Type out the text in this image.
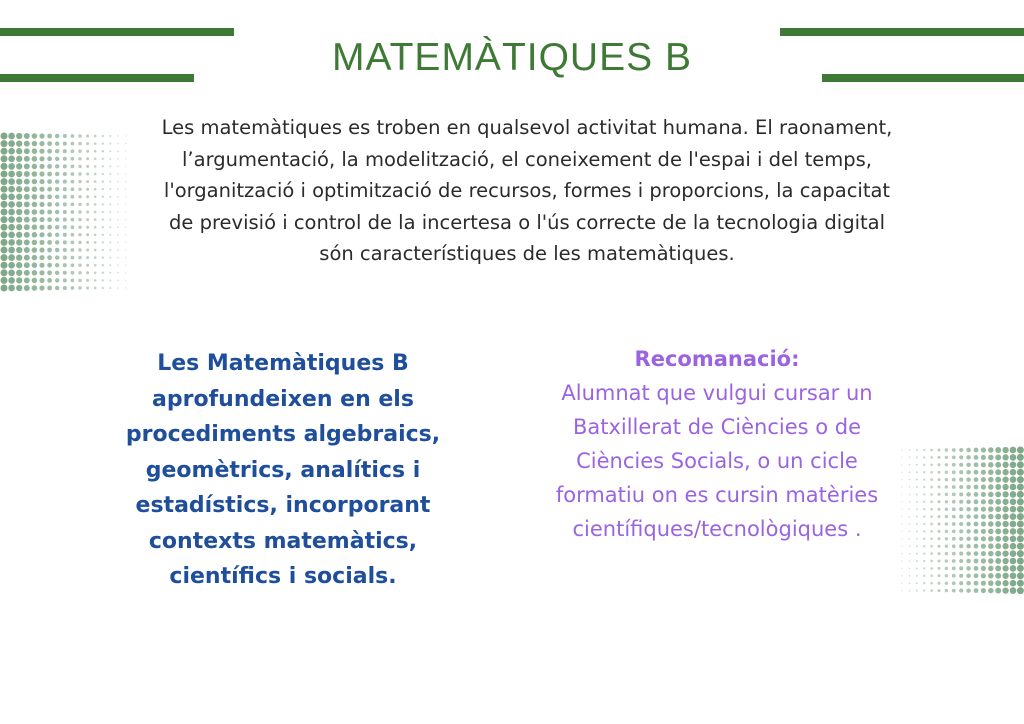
MATEMÀTIQUES B
Les matemàtiques es troben en qualsevol activitat humana. El raonament, l’argumentació, la modelització, el coneixement de l'espai i del temps, l'organització i optimització de recursos, formes i proporcions, la capacitat de previsió i control de la incertesa o l'ús correcte de la tecnologia digital són característiques de les matemàtiques.
Les Matemàtiques B aprofundeixen en els procediments algebraics, geomètrics, analítics i estadístics, incorporant contexts matemàtics, científics i socials.
Recomanació:
Alumnat que vulgui cursar un Batxillerat de Ciències o de Ciències Socials, o un cicle formatiu on es cursin matèries científiques/tecnològiques .
